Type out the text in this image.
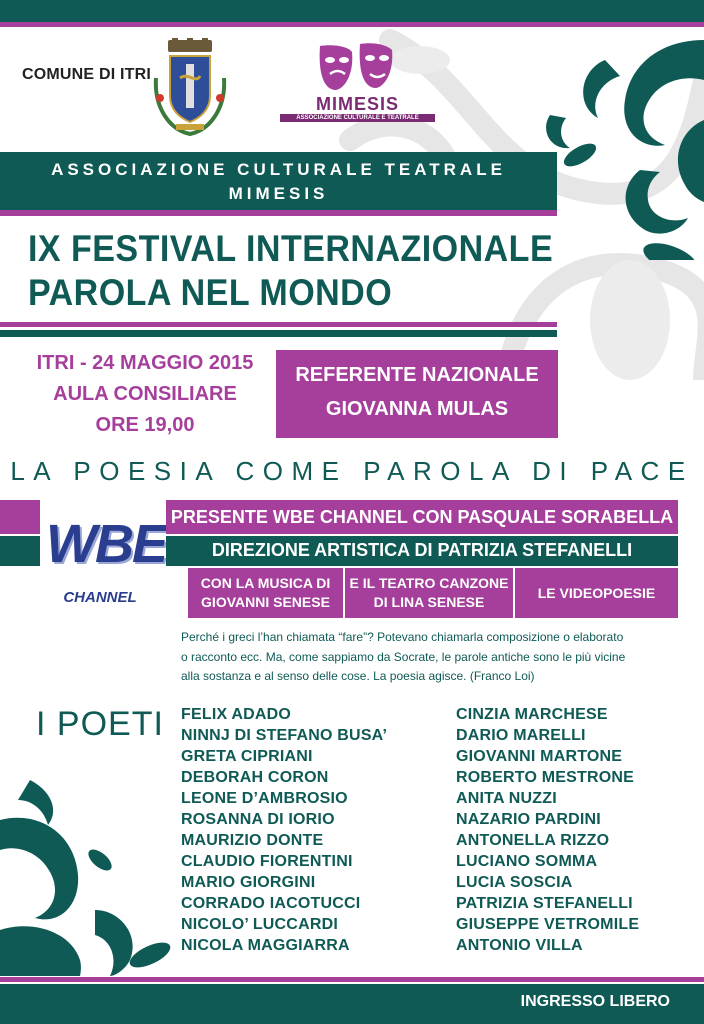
COMUNE DI ITRI
MIMESIS
ASSOCIAZIONE CULTURALE E TEATRALE
ASSOCIAZIONE CULTURALE TEATRALE
MIMESIS
IX FESTIVAL INTERNAZIONALE
PAROLA NEL MONDO
ITRI - 24 MAGGIO 2015
AULA CONSILIARE
ORE 19,00
REFERENTE NAZIONALE
GIOVANNA MULAS
LA POESIA COME PAROLA DI PACE
WBE
CHANNEL
PRESENTE WBE CHANNEL CON PASQUALE SORABELLA
DIREZIONE ARTISTICA DI PATRIZIA STEFANELLI
CON LA MUSICA DI
GIOVANNI SENESE
E IL TEATRO CANZONE
DI LINA SENESE
LE VIDEOPOESIE
Perché i greci l’han chiamata “fare”? Potevano chiamarla composizione o elaborato
o racconto ecc. Ma, come sappiamo da Socrate, le parole antiche sono le più vicine
alla sostanza e al senso delle cose. La poesia agisce. (Franco Loi)
I POETI FELIX ADADO
NINNJ DI STEFANO BUSA’
GRETA CIPRIANI
DEBORAH CORON
LEONE D’AMBROSIO
ROSANNA DI IORIO
MAURIZIO DONTE
CLAUDIO FIORENTINI
MARIO GIORGINI
CORRADO IACOTUCCI
NICOLO’ LUCCARDI
NICOLA MAGGIARRA
CINZIA MARCHESE
DARIO MARELLI
GIOVANNI MARTONE
ROBERTO MESTRONE
ANITA NUZZI
NAZARIO PARDINI
ANTONELLA RIZZO
LUCIANO SOMMA
LUCIA SOSCIA
PATRIZIA STEFANELLI
GIUSEPPE VETROMILE
ANTONIO VILLA
INGRESSO LIBERO
